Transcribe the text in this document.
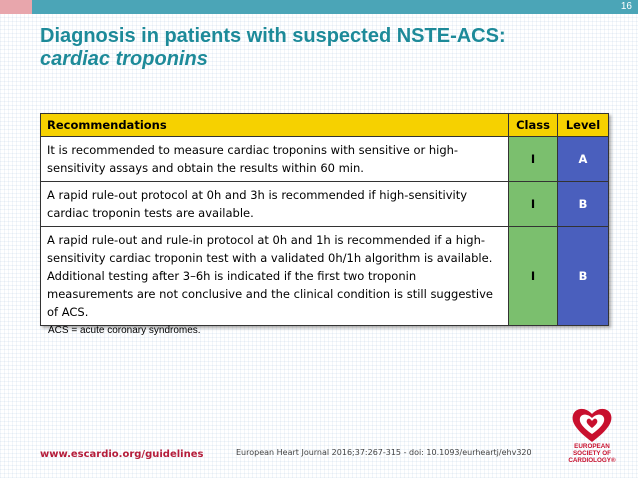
16
Diagnosis in patients with suspected NSTE-ACS:
cardiac troponins
Recommendations	Class	Level
It is recommended to measure cardiac troponins with sensitive or high-sensitivity assays and obtain the results within 60 min.	I	A
A rapid rule-out protocol at 0h and 3h is recommended if high-sensitivity cardiac troponin tests are available.	I	B
A rapid rule-out and rule-in protocol at 0h and 1h is recommended if a high-sensitivity cardiac troponin test with a validated 0h/1h algorithm is available. Additional testing after 3–6h is indicated if the first two troponin measurements are not conclusive and the clinical condition is still suggestive of ACS.	I	B
ACS = acute coronary syndromes.
www.escardio.org/guidelines	European Heart Journal 2016;37:267-315 - doi: 10.1093/eurheartj/ehv320
EUROPEAN
SOCIETY OF
CARDIOLOGY®
